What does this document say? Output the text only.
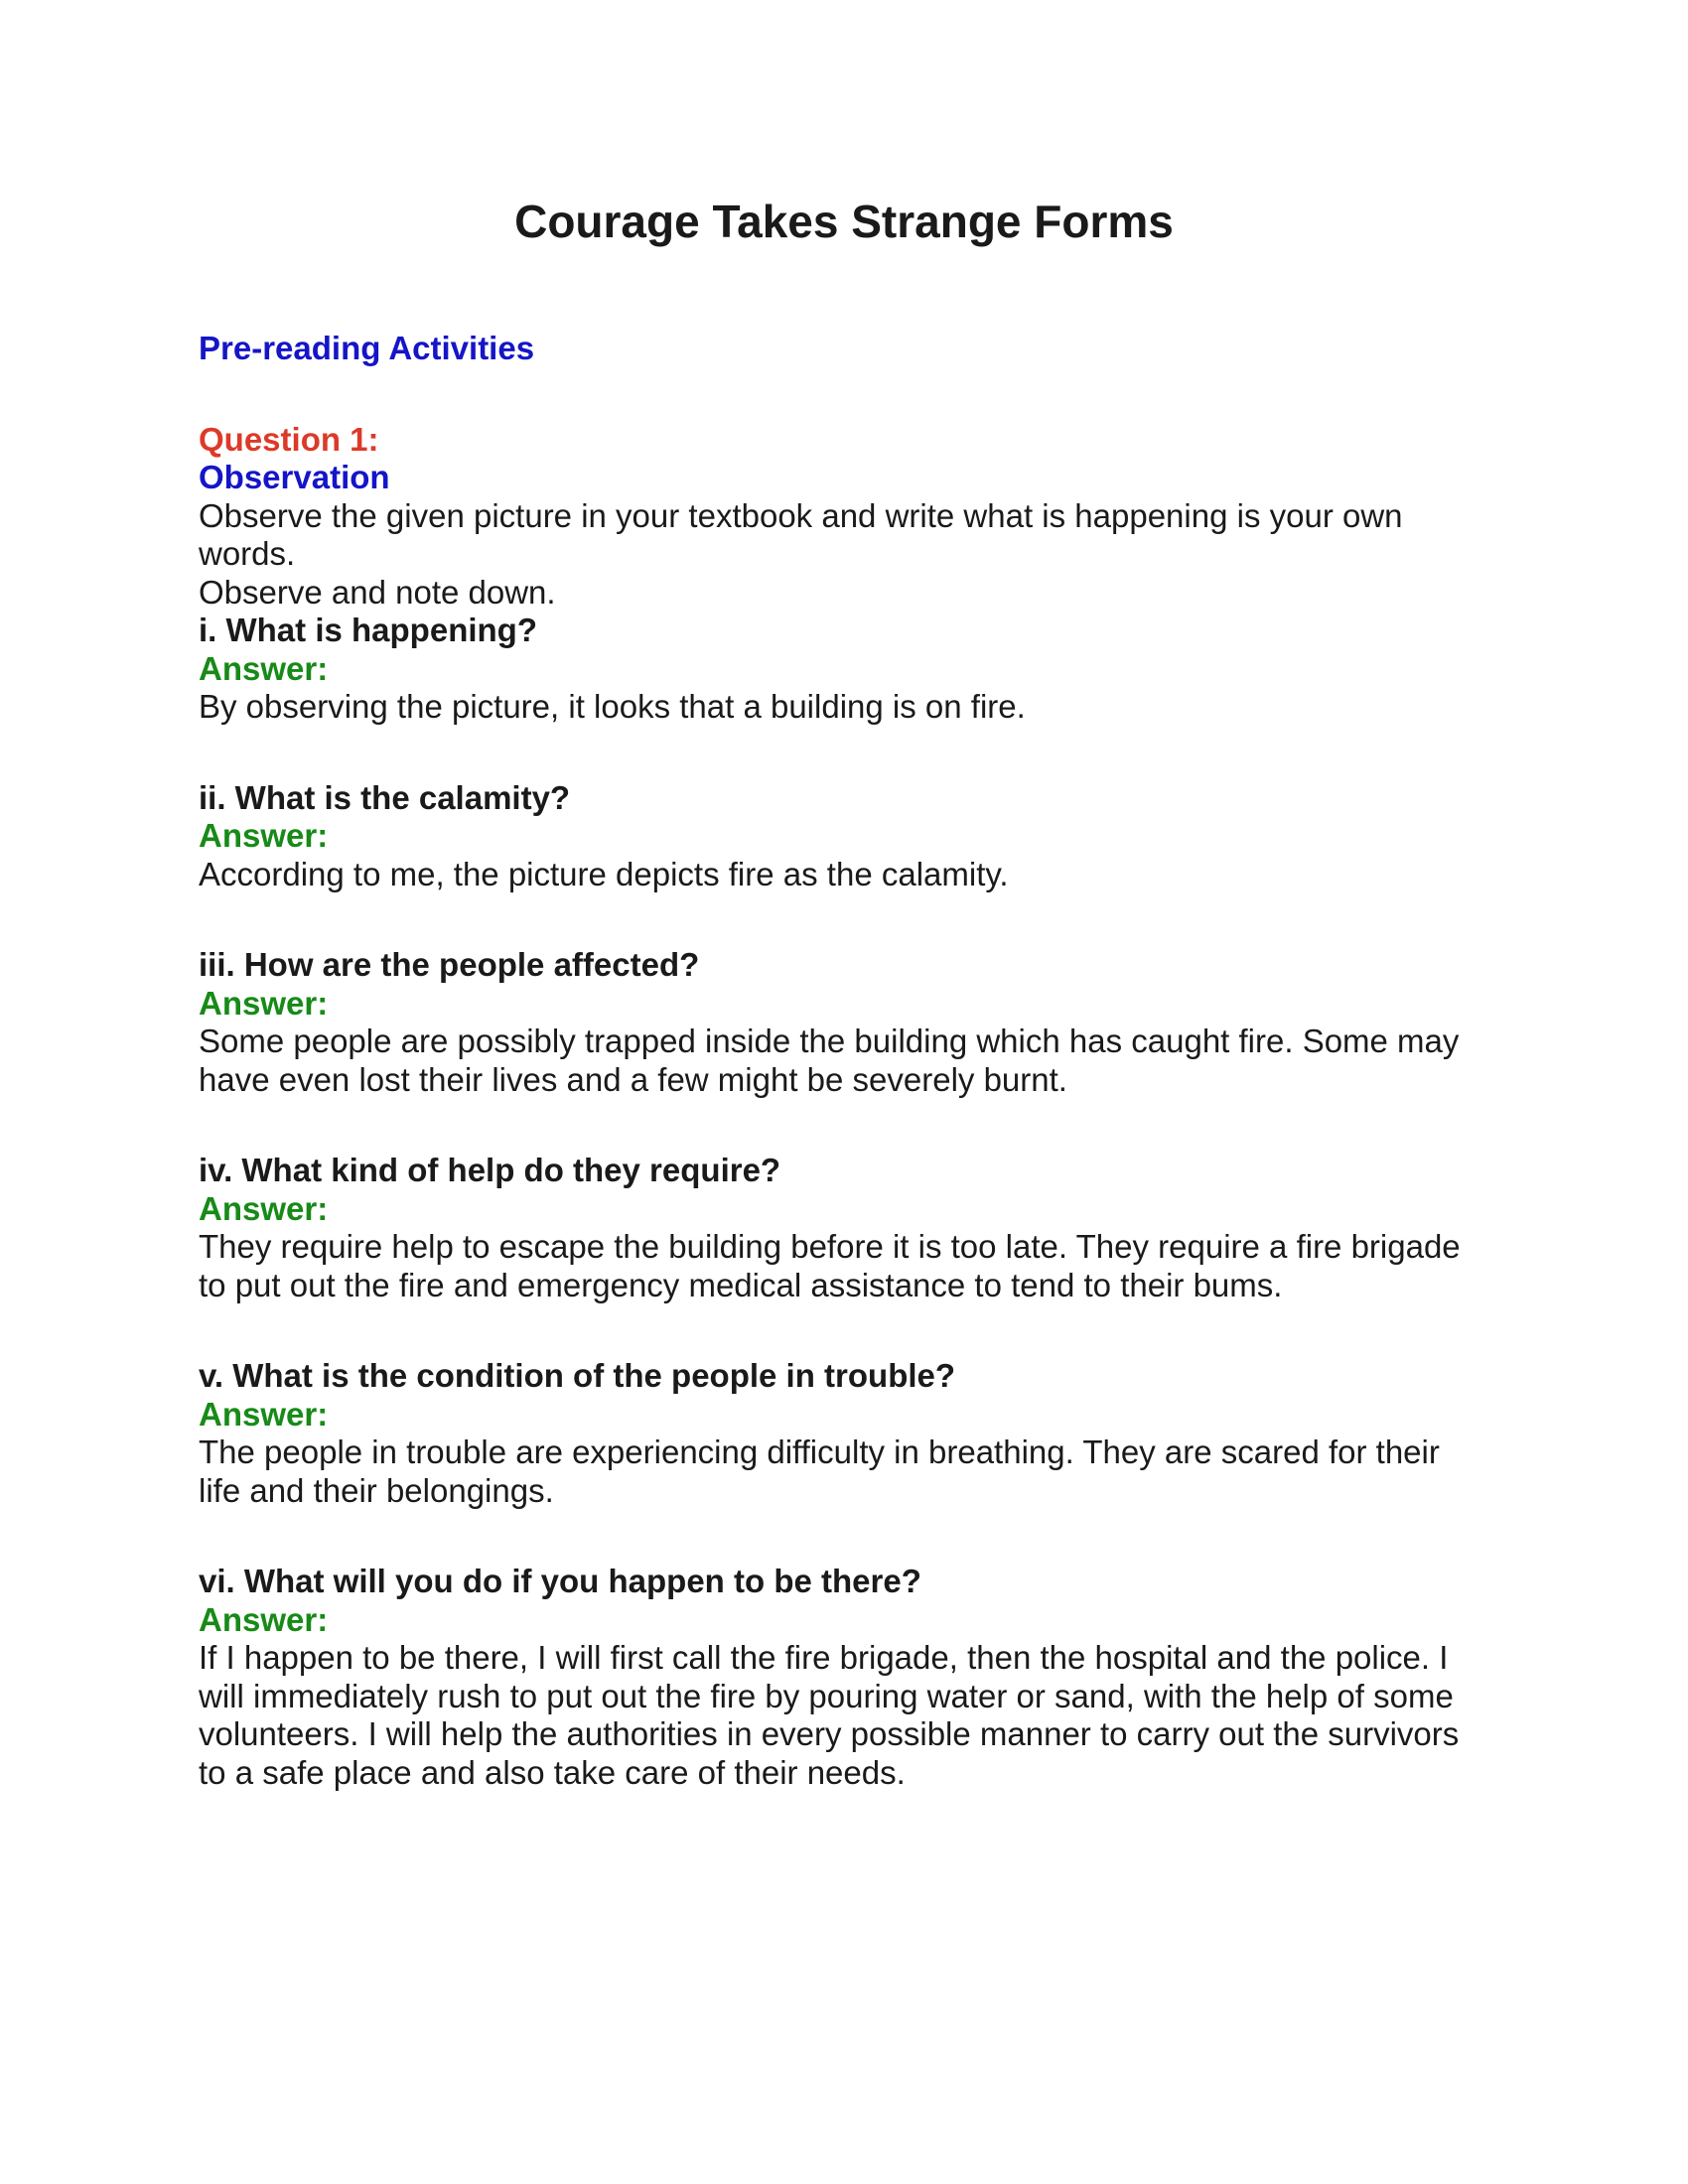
Courage Takes Strange Forms

Pre-reading Activities

Question 1:

Observation

Observe the given picture in your textbook and write what is happening is your own words.

Observe and note down.

i. What is happening?

Answer:

By observing the picture, it looks that a building is on fire.

ii. What is the calamity?

Answer:

According to me, the picture depicts fire as the calamity.

iii. How are the people affected?

Answer:

Some people are possibly trapped inside the building which has caught fire. Some may have even lost their lives and a few might be severely burnt.

iv. What kind of help do they require?

Answer:

They require help to escape the building before it is too late. They require a fire brigade to put out the fire and emergency medical assistance to tend to their bums.

v. What is the condition of the people in trouble?

Answer:

The people in trouble are experiencing difficulty in breathing. They are scared for their life and their belongings.

vi. What will you do if you happen to be there?

Answer:

If I happen to be there, I will first call the fire brigade, then the hospital and the police. I will immediately rush to put out the fire by pouring water or sand, with the help of some volunteers. I will help the authorities in every possible manner to carry out the survivors to a safe place and also take care of their needs.
